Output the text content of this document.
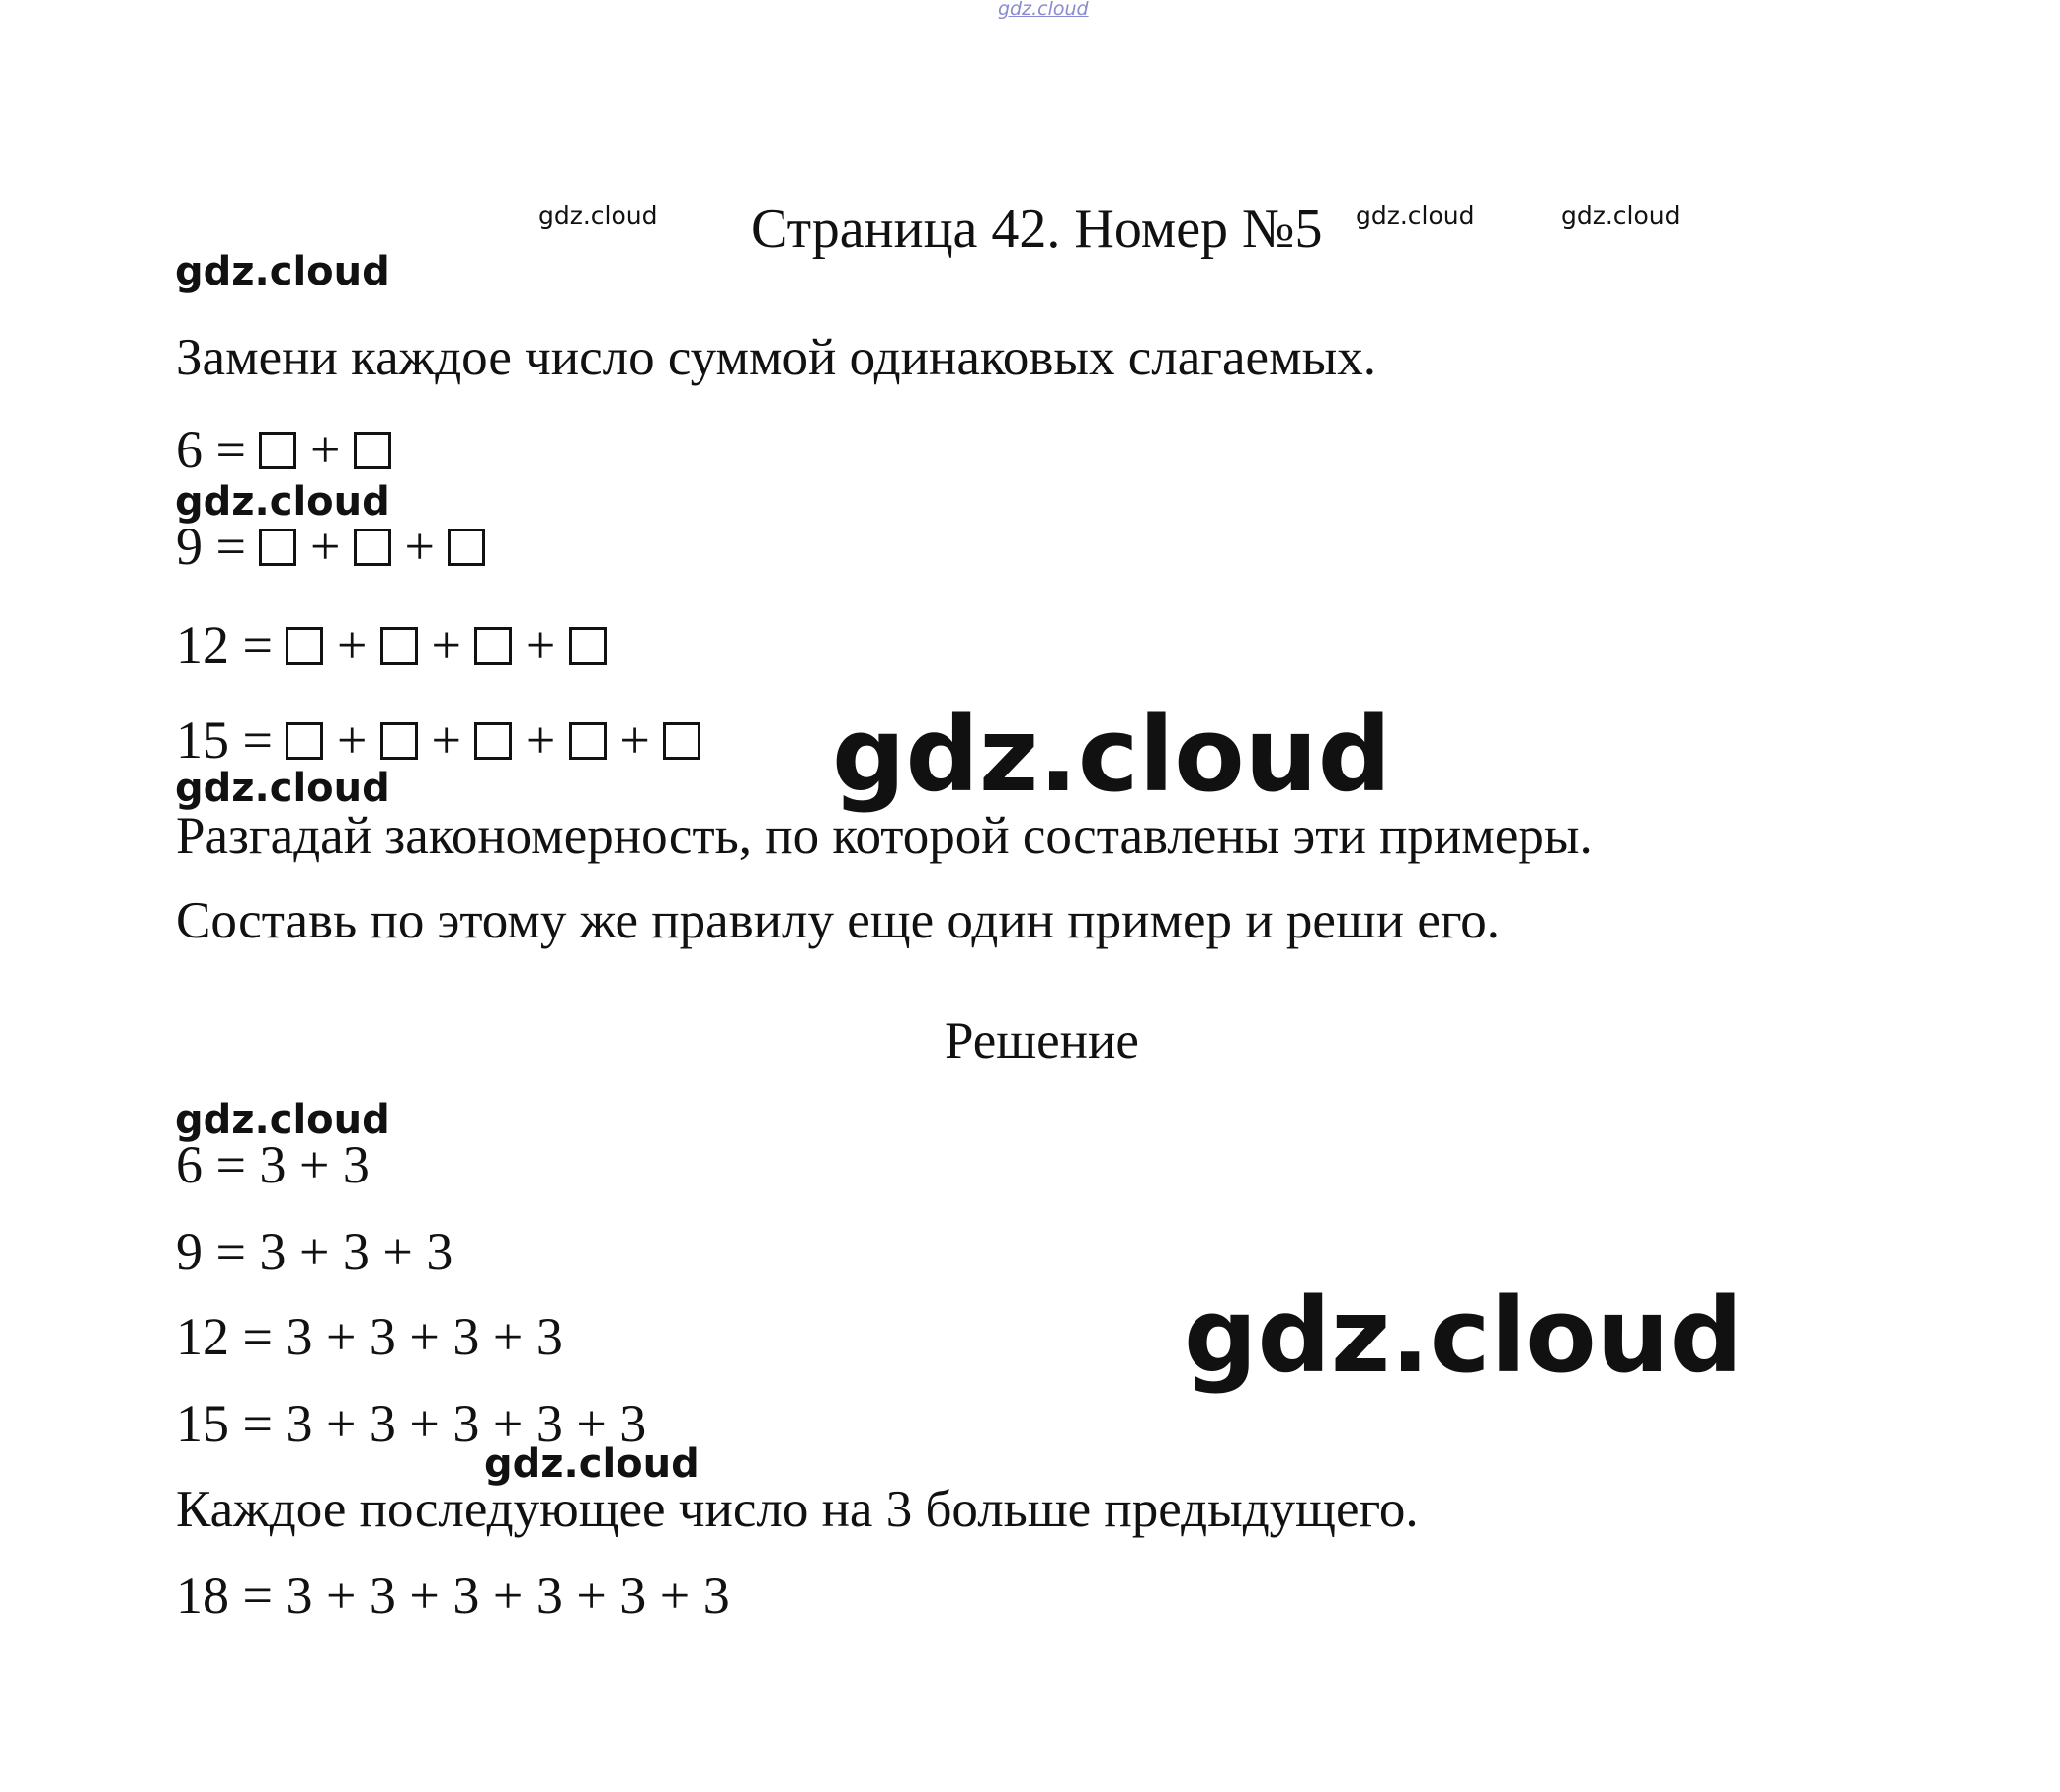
gdz.cloud
gdz.cloud	gdz.cloud	gdz.cloud
gdz.cloud
Страница 42. Номер №5
Замени каждое число суммой одинаковых слагаемых.
6 =  +
gdz.cloud
9 =  +  +
12 =  +  +  +
15 =  +  +  +  +	gdz.cloud
gdz.cloud
Разгадай закономерность, по которой составлены эти примеры.
Составь по этому же правилу еще один пример и реши его.
Решение
gdz.cloud
6 = 3 + 3
9 = 3 + 3 + 3
12 = 3 + 3 + 3 + 3
15 = 3 + 3 + 3 + 3 + 3
gdz.cloud
gdz.cloud
Каждое последующее число на 3 больше предыдущего.
18 = 3 + 3 + 3 + 3 + 3 + 3
